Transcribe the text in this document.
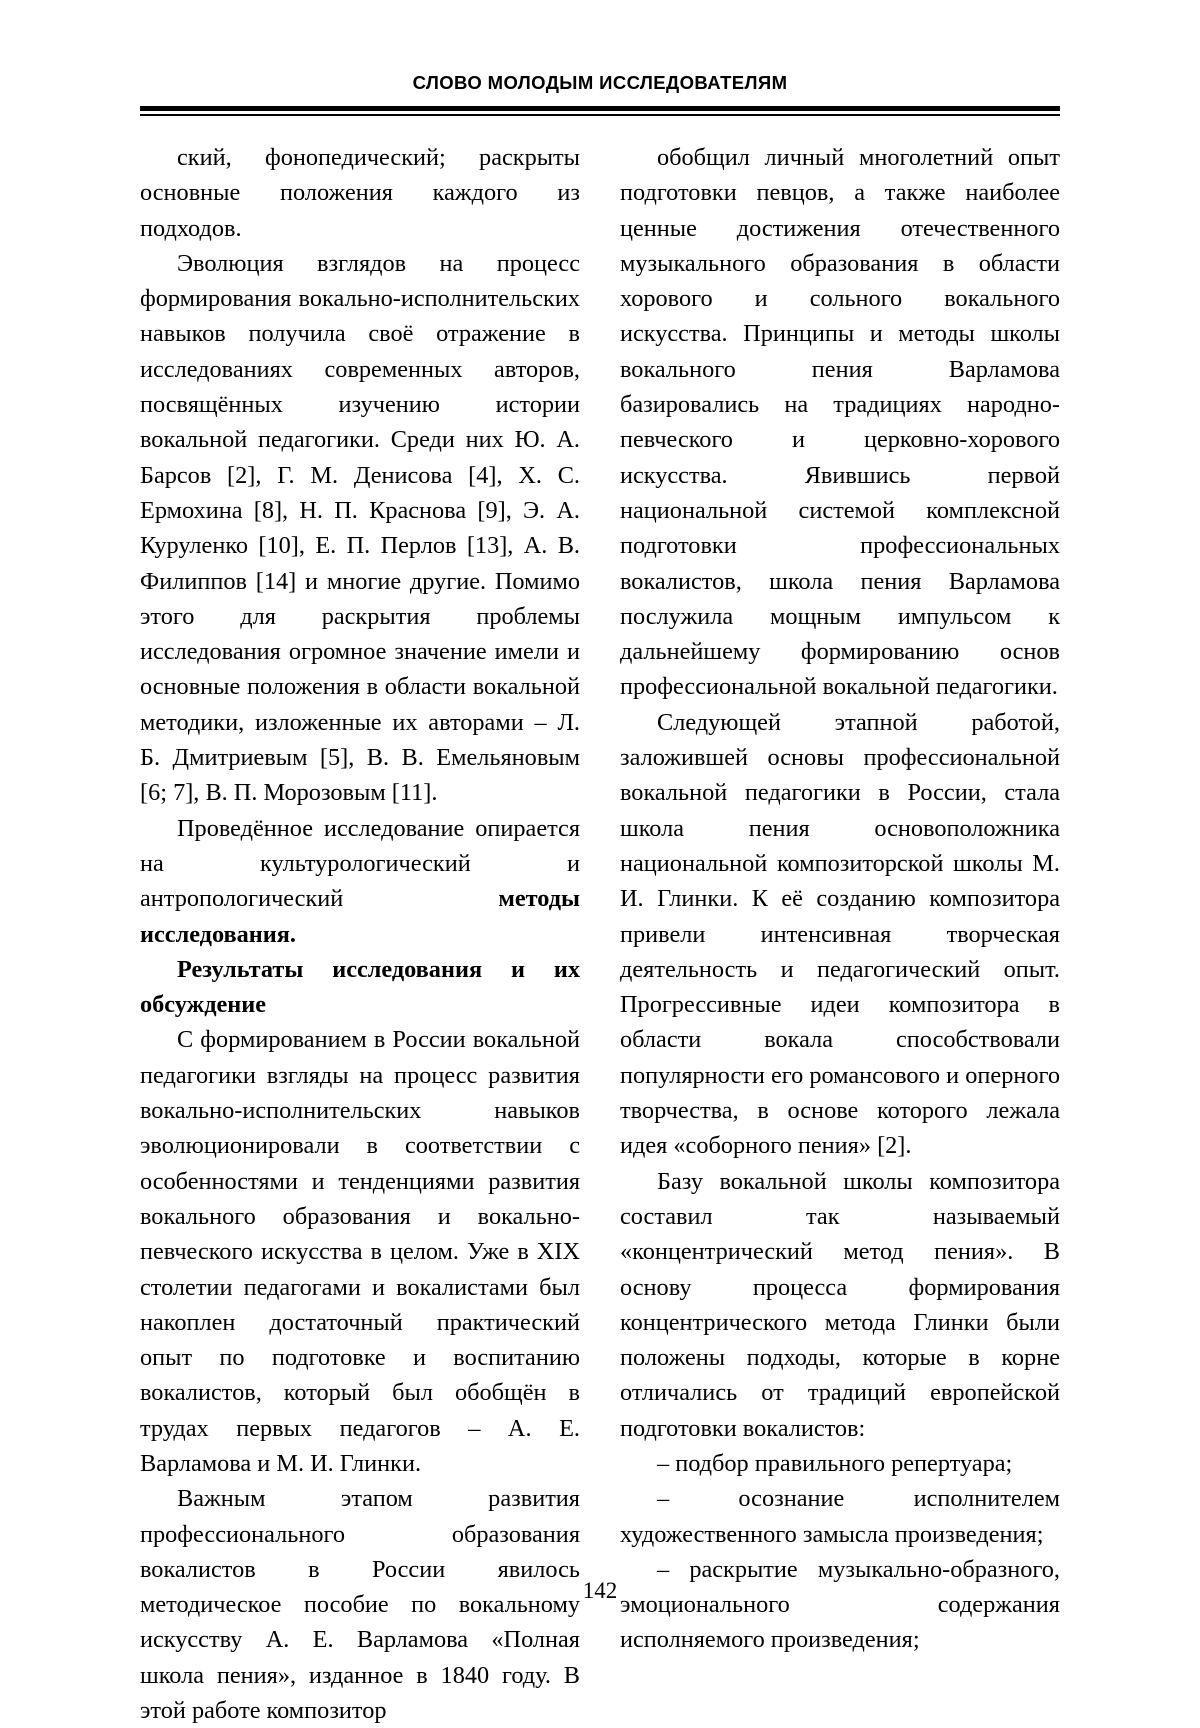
СЛОВО МОЛОДЫМ ИССЛЕДОВАТЕЛЯМ

ский, фонопедический; раскрыты основные положения каждого из подходов.

Эволюция взглядов на процесс формирования вокально-исполнительских навыков получила своё отражение в исследованиях современных авторов, посвящённых изучению истории вокальной педагогики. Среди них Ю. А. Барсов [2], Г. М. Денисова [4], Х. С. Ермохина [8], Н. П. Краснова [9], Э. А. Куруленко [10], Е. П. Перлов [13], А. В. Филиппов [14] и многие другие. Помимо этого для раскрытия проблемы исследования огромное значение имели и основные положения в области вокальной методики, изложенные их авторами – Л. Б. Дмитриевым [5], В. В. Емельяновым [6; 7], В. П. Морозовым [11].

Проведённое исследование опирается на культурологический и антропологический методы исследования.

Результаты исследования и их обсуждение

С формированием в России вокальной педагогики взгляды на процесс развития вокально-исполнительских навыков эволюционировали в соответствии с особенностями и тенденциями развития вокального образования и вокально-певческого искусства в целом. Уже в XIX столетии педагогами и вокалистами был накоплен достаточный практический опыт по подготовке и воспитанию вокалистов, который был обобщён в трудах первых педагогов – А. Е. Варламова и М. И. Глинки.

Важным этапом развития профессионального образования вокалистов в России явилось методическое пособие по вокальному искусству А. Е. Варламова «Полная школа пения», изданное в 1840 году. В этой работе композитор

обобщил личный многолетний опыт подготовки певцов, а также наиболее ценные достижения отечественного музыкального образования в области хорового и сольного вокального искусства. Принципы и методы школы вокального пения Варламова базировались на традициях народно-певческого и церковно-хорового искусства. Явившись первой национальной системой комплексной подготовки профессиональных вокалистов, школа пения Варламова послужила мощным импульсом к дальнейшему формированию основ профессиональной вокальной педагогики.

Следующей этапной работой, заложившей основы профессиональной вокальной педагогики в России, стала школа пения основоположника национальной композиторской школы М. И. Глинки. К её созданию композитора привели интенсивная творческая деятельность и педагогический опыт. Прогрессивные идеи композитора в области вокала способствовали популярности его романсового и оперного творчества, в основе которого лежала идея «соборного пения» [2].

Базу вокальной школы композитора составил так называемый «концентрический метод пения». В основу процесса формирования концентрического метода Глинки были положены подходы, которые в корне отличались от традиций европейской подготовки вокалистов:

– подбор правильного репертуара;

– осознание исполнителем художественного замысла произведения;

– раскрытие музыкально-образного, эмоционального содержания исполняемого произведения;

142
